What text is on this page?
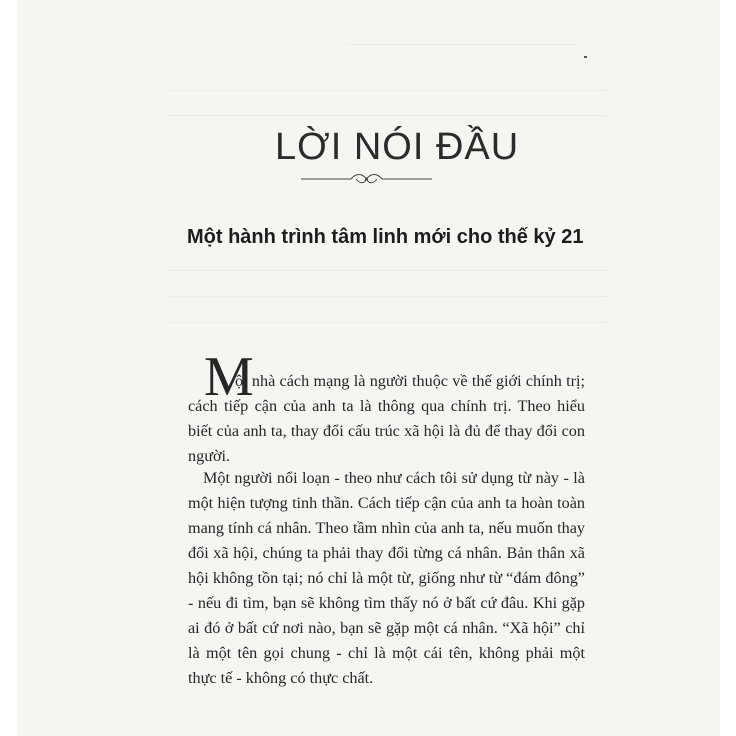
LỜI NÓI ĐẦU
Một hành trình tâm linh mới cho thế kỷ 21
M

ột nhà cách mạng là người thuộc về thế giới chính trị; cách tiếp cận của anh ta là thông qua chính trị. Theo hiểu biết của anh ta, thay đổi cấu trúc xã hội là đủ để thay đổi con người.

Một người nổi loạn - theo như cách tôi sử dụng từ này - là một hiện tượng tinh thần. Cách tiếp cận của anh ta hoàn toàn mang tính cá nhân. Theo tầm nhìn của anh ta, nếu muốn thay đổi xã hội, chúng ta phải thay đổi từng cá nhân. Bản thân xã hội không tồn tại; nó chỉ là một từ, giống như từ “đám đông” - nếu đi tìm, bạn sẽ không tìm thấy nó ở bất cứ đâu. Khi gặp ai đó ở bất cứ nơi nào, bạn sẽ gặp một cá nhân. “Xã hội” chỉ là một tên gọi chung - chỉ là một cái tên, không phải một thực tế - không có thực chất.
